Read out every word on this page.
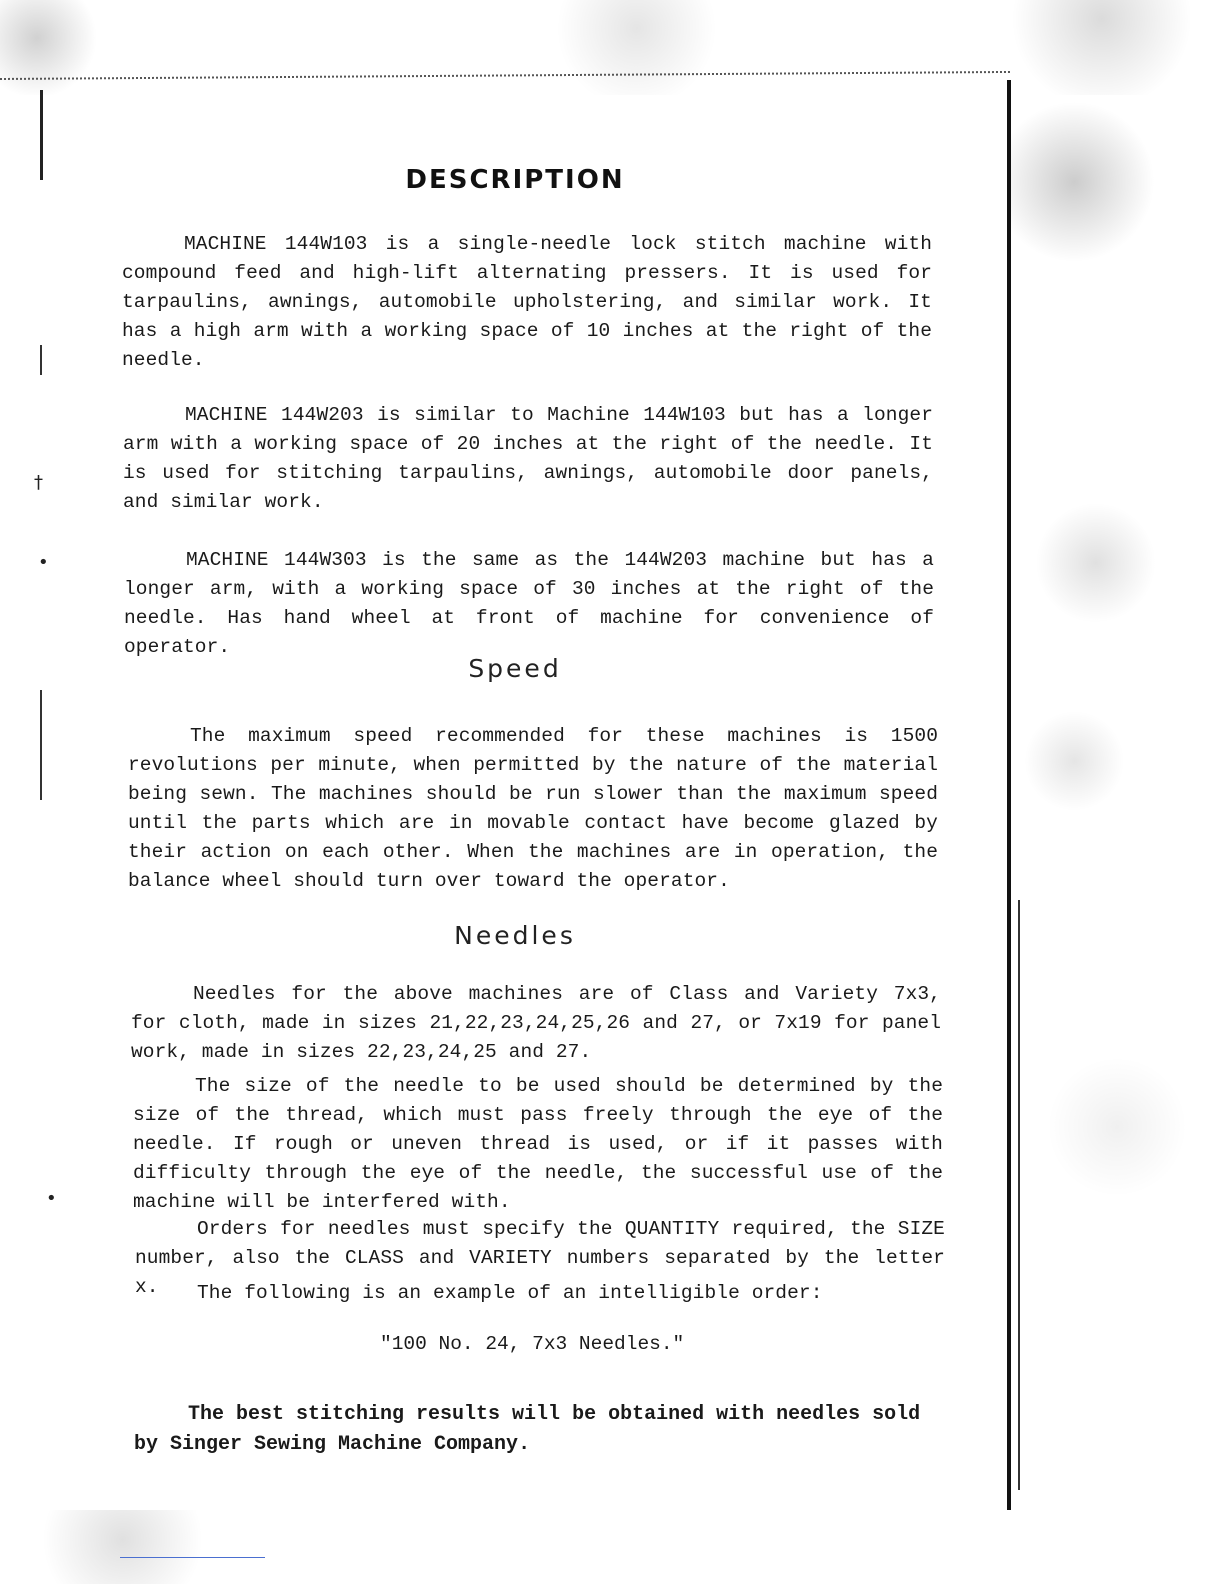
†
•
•
DESCRIPTION

MACHINE 144W103 is a single-needle lock stitch machine with compound feed and high-lift alternating pressers. It is used for tarpaulins, awnings, automobile upholstering, and similar work. It has a high arm with a working space of 10 inches at the right of the needle.

MACHINE 144W203 is similar to Machine 144W103 but has a longer arm with a working space of 20 inches at the right of the needle. It is used for stitching tarpaulins, awnings, automobile door panels, and similar work.

MACHINE 144W303 is the same as the 144W203 machine but has a longer arm, with a working space of 30 inches at the right of the needle. Has hand wheel at front of machine for convenience of operator.

Speed

The maximum speed recommended for these machines is 1500 revolutions per minute, when permitted by the nature of the material being sewn. The machines should be run slower than the maximum speed until the parts which are in movable contact have become glazed by their action on each other. When the machines are in operation, the balance wheel should turn over toward the operator.

Needles

Needles for the above machines are of Class and Variety 7x3, for cloth, made in sizes 21,22,23,24,25,26 and 27, or 7x19 for panel work, made in sizes 22,23,24,25 and 27.

The size of the needle to be used should be determined by the size of the thread, which must pass freely through the eye of the needle. If rough or uneven thread is used, or if it passes with difficulty through the eye of the needle, the successful use of the machine will be interfered with.

Orders for needles must specify the QUANTITY required, the SIZE number, also the CLASS and VARIETY numbers separated by the letter x.	The following is an example of an intelligible order:

"100 No. 24, 7x3 Needles."

The best stitching results will be obtained with needles sold by Singer Sewing Machine Company.
